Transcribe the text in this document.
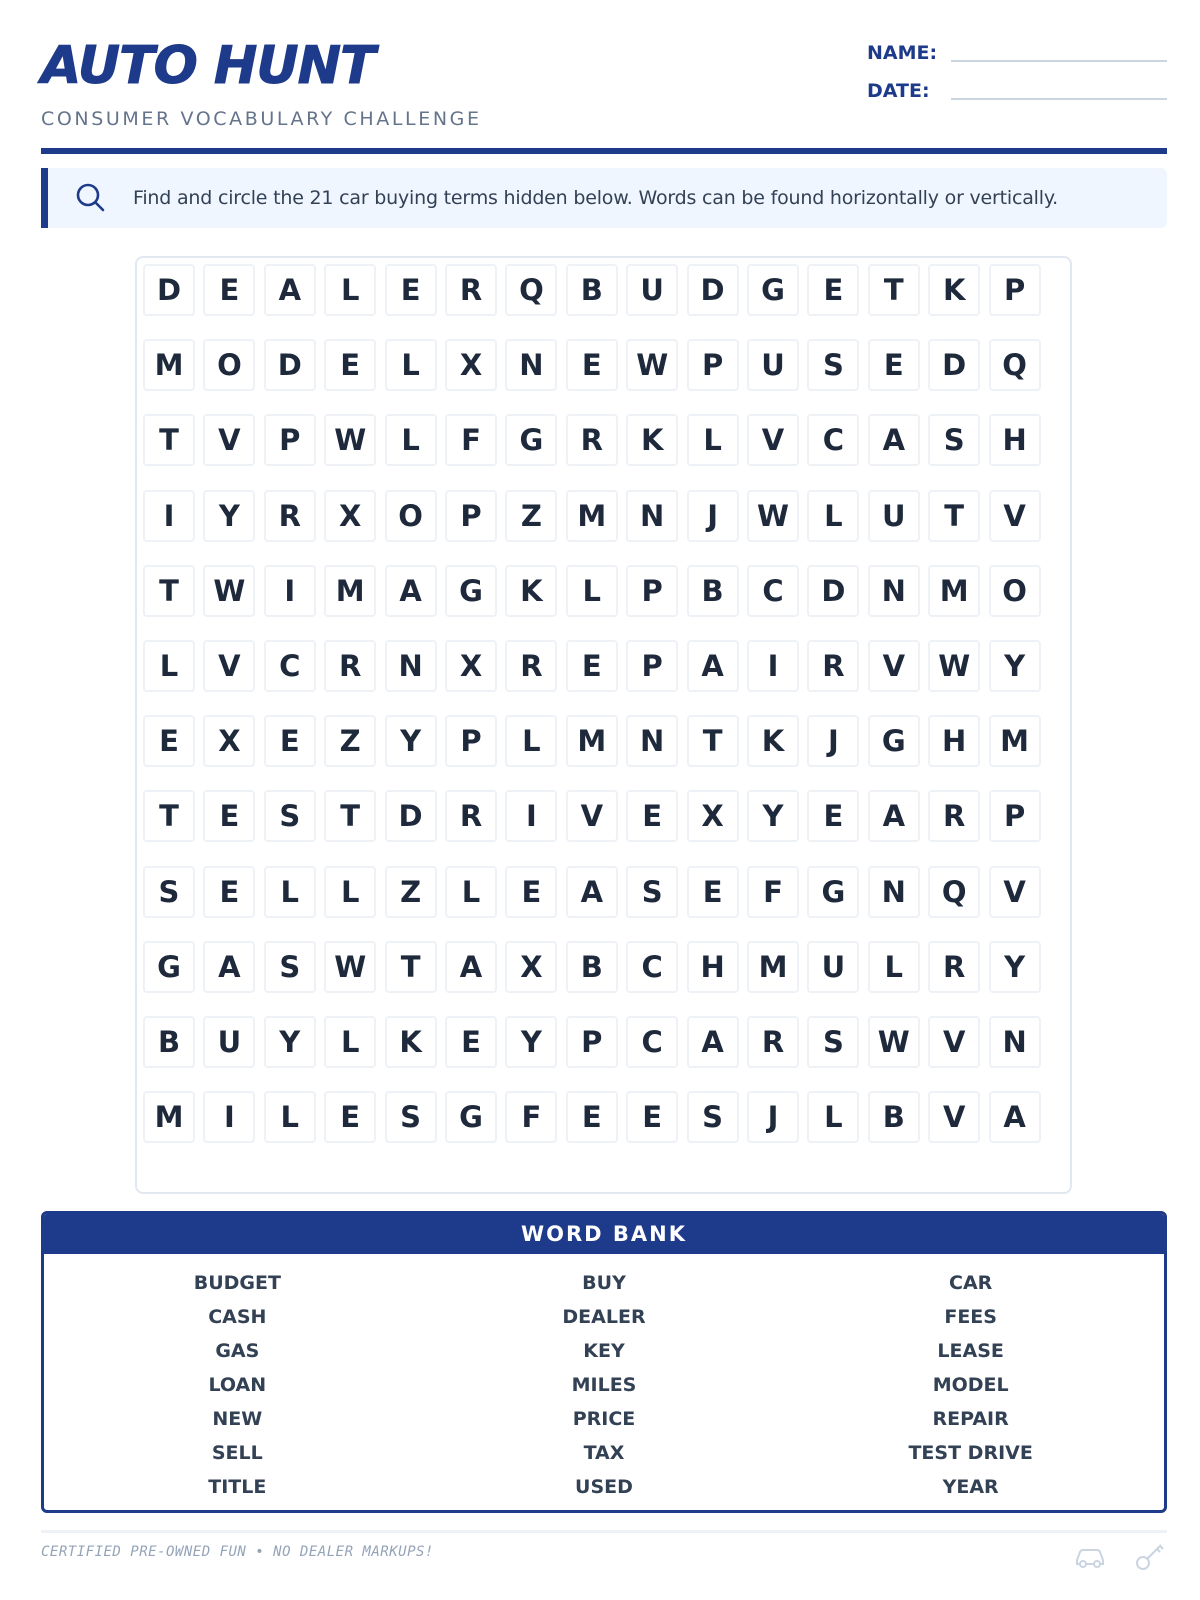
AUTO HUNT
CONSUMER VOCABULARY CHALLENGE
NAME:
DATE:
Find and circle the 21 car buying terms hidden below. Words can be found horizontally or vertically.
D	E	A	L	E	R	Q	B	U	D	G	E	T	K	P
M	O	D	E	L	X	N	E	W	P	U	S	E	D	Q
T	V	P	W	L	F	G	R	K	L	V	C	A	S	H
I	Y	R	X	O	P	Z	M	N	J	W	L	U	T	V
T	W	I	M	A	G	K	L	P	B	C	D	N	M	O
L	V	C	R	N	X	R	E	P	A	I	R	V	W	Y
E	X	E	Z	Y	P	L	M	N	T	K	J	G	H	M
T	E	S	T	D	R	I	V	E	X	Y	E	A	R	P
S	E	L	L	Z	L	E	A	S	E	F	G	N	Q	V
G	A	S	W	T	A	X	B	C	H	M	U	L	R	Y
B	U	Y	L	K	E	Y	P	C	A	R	S	W	V	N
M	I	L	E	S	G	F	E	E	S	J	L	B	V	A
WORD BANK
BUDGET	BUY	CAR
CASH	DEALER	FEES
GAS	KEY	LEASE
LOAN	MILES	MODEL
NEW	PRICE	REPAIR
SELL	TAX	TEST DRIVE
TITLE	USED	YEAR
CERTIFIED PRE-OWNED FUN • NO DEALER MARKUPS!
